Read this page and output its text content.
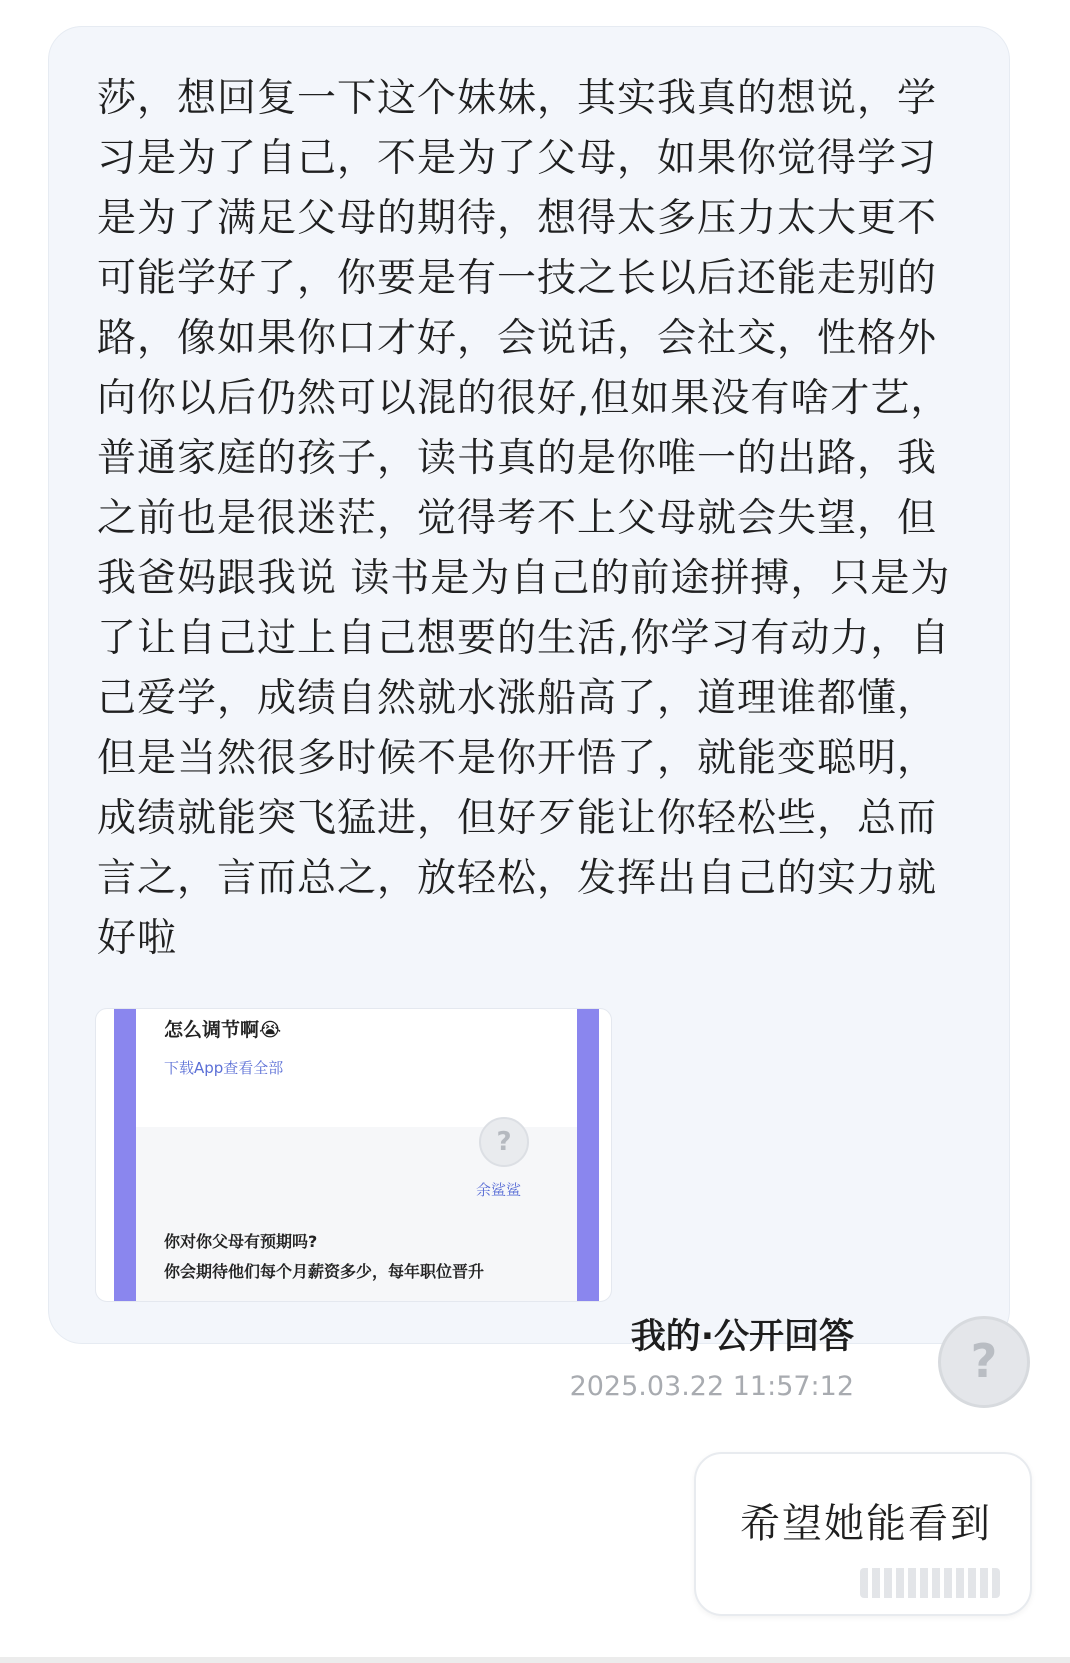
莎，想回复一下这个妹妹，其实我真的想说，学习是为了自己，不是为了父母，如果你觉得学习是为了满足父母的期待，想得太多压力太大更不可能学好了，你要是有一技之长以后还能走别的路，像如果你口才好，会说话，会社交，性格外向你以后仍然可以混的很好,但如果没有啥才艺，普通家庭的孩子，读书真的是你唯一的出路，我之前也是很迷茫，觉得考不上父母就会失望，但我爸妈跟我说 读书是为自己的前途拼搏，只是为了让自己过上自己想要的生活,你学习有动力，自己爱学，成绩自然就水涨船高了，道理谁都懂，但是当然很多时候不是你开悟了，就能变聪明，成绩就能突飞猛进，但好歹能让你轻松些，总而言之，言而总之，放轻松，发挥出自己的实力就好啦

怎么调节啊😭
下载App查看全部
?
余鲨鲨
你对你父母有预期吗?
你会期待他们每个月薪资多少，每年职位晋升
我的·公开回答
2025.03.22 11:57:12	?
希望她能看到
